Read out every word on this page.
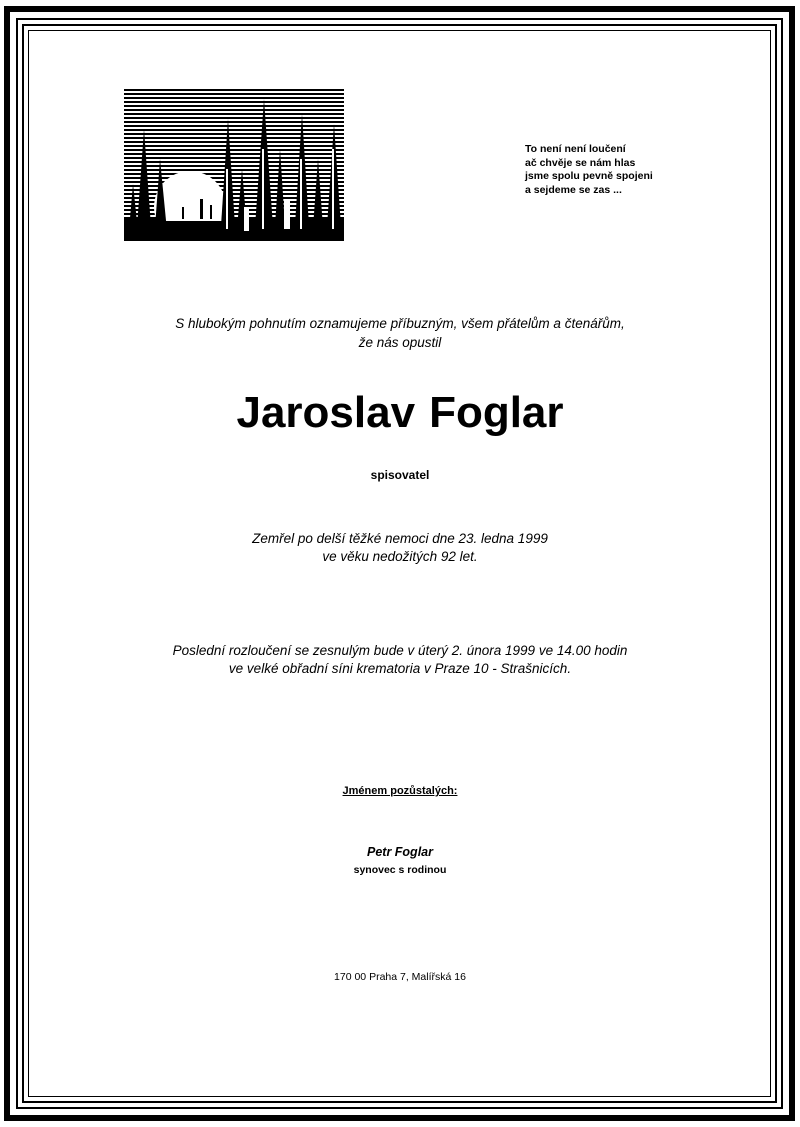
To není není loučení
ač chvěje se nám hlas
jsme spolu pevně spojeni
a sejdeme se zas ...
S hlubokým pohnutím oznamujeme příbuzným, všem přátelům a čtenářům,
že nás opustil
Jaroslav Foglar
spisovatel
Zemřel po delší těžké nemoci dne 23. ledna 1999
ve věku nedožitých 92 let.
Poslední rozloučení se zesnulým bude v úterý 2. února 1999 ve 14.00 hodin
ve velké obřadní síni krematoria v Praze 10 - Strašnicích.
Jménem pozůstalých:
Petr Foglar
synovec s rodinou
170 00 Praha 7, Malířská 16
